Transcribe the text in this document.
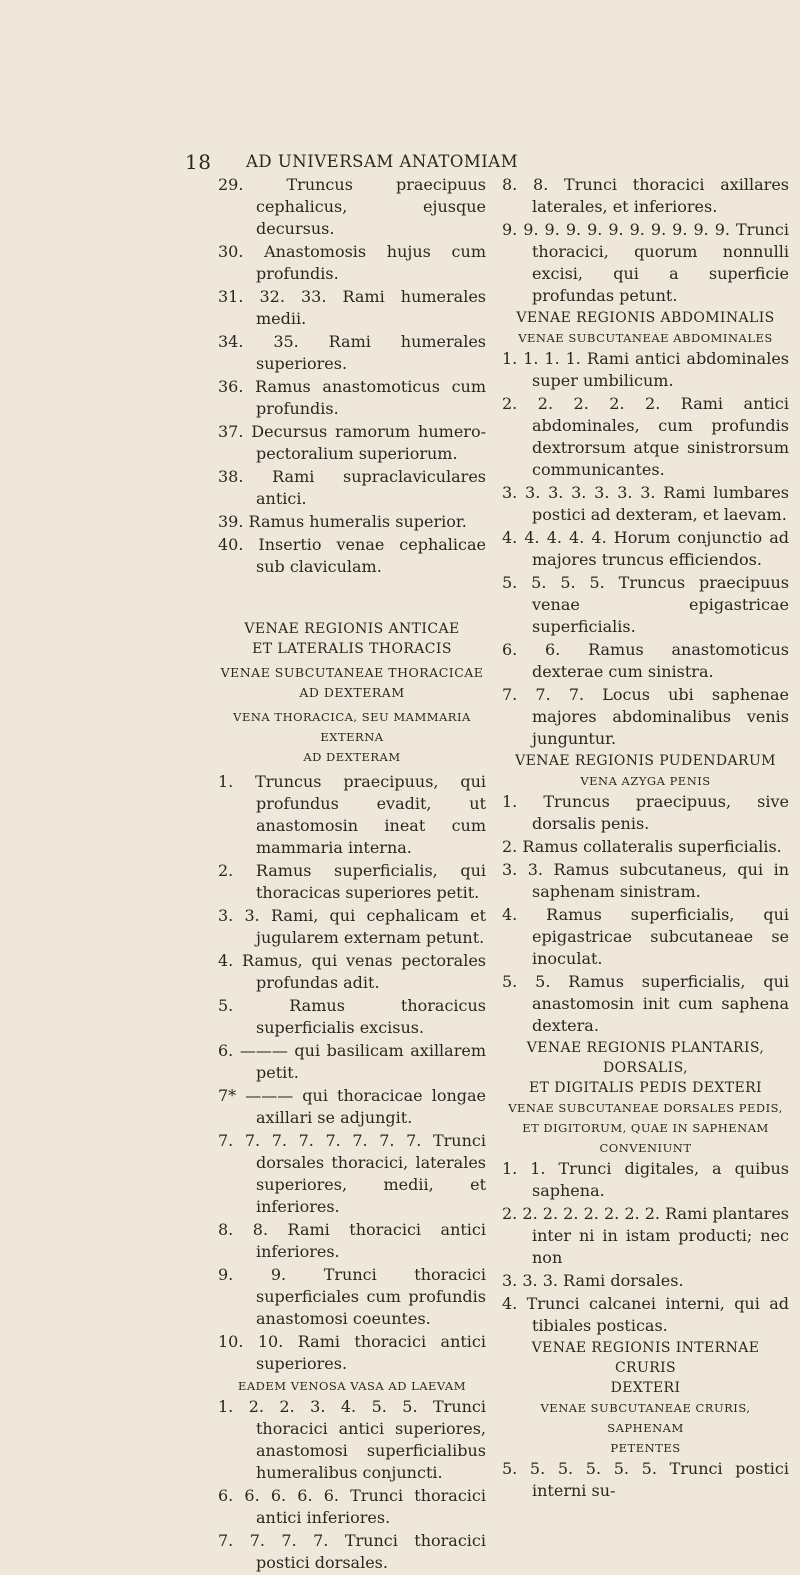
18 AD UNIVERSAM ANATOMIAM

29. Truncus praecipuus cephalicus, ejusque decursus.

30. Anastomosis hujus cum profundis.

31. 32. 33. Rami humerales medii.

34. 35. Rami humerales superiores.

36. Ramus anastomoticus cum profundis.

37. Decursus ramorum humero-pectoralium superiorum.

38. Rami supraclaviculares antici.

39. Ramus humeralis superior.

40. Insertio venae cephalicae sub claviculam.

VENAE REGIONIS ANTICAE

ET LATERALIS THORACIS

VENAE SUBCUTANEAE THORACICAE

AD DEXTERAM

VENA THORACICA, SEU MAMMARIA EXTERNA

AD DEXTERAM

1. Truncus praecipuus, qui profundus evadit, ut anastomosin ineat cum mammaria interna.

2. Ramus superficialis, qui thoracicas superiores petit.

3. 3. Rami, qui cephalicam et jugularem externam petunt.

4. Ramus, qui venas pectorales profundas adit.

5. Ramus thoracicus superficialis excisus.

6. ——— qui basilicam axillarem petit.

7* ——— qui thoracicae longae axillari se adjungit.

7. 7. 7. 7. 7. 7. 7. 7. Trunci dorsales thoracici, laterales superiores, medii, et inferiores.

8. 8. Rami thoracici antici inferiores.

9. 9. Trunci thoracici superficiales cum profundis anastomosi coeuntes.

10. 10. Rami thoracici antici superiores.

EADEM VENOSA VASA AD LAEVAM

1. 2. 2. 3. 4. 5. 5. Trunci thoracici antici superiores, anastomosi superficialibus humeralibus conjuncti.

6. 6. 6. 6. 6. Trunci thoracici antici inferiores.

7. 7. 7. 7. Trunci thoracici postici dorsales.

8. 8. Trunci thoracici axillares laterales, et inferiores.

9. 9. 9. 9. 9. 9. 9. 9. 9. 9. 9. Trunci thoracici, quorum nonnulli excisi, qui a superficie profundas petunt.

VENAE REGIONIS ABDOMINALIS

VENAE SUBCUTANEAE ABDOMINALES

1. 1. 1. 1. Rami antici abdominales super umbilicum.

2. 2. 2. 2. 2. Rami antici abdominales, cum profundis dextrorsum atque sinistrorsum communicantes.

3. 3. 3. 3. 3. 3. 3. Rami lumbares postici ad dexteram, et laevam.

4. 4. 4. 4. 4. Horum conjunctio ad majores truncus efficiendos.

5. 5. 5. 5. Truncus praecipuus venae epigastricae superficialis.

6. 6. Ramus anastomoticus dexterae cum sinistra.

7. 7. 7. Locus ubi saphenae majores abdominalibus venis junguntur.

VENAE REGIONIS PUDENDARUM

VENA AZYGA PENIS

1. Truncus praecipuus, sive dorsalis penis.

2. Ramus collateralis superficialis.

3. 3. Ramus subcutaneus, qui in saphenam sinistram.

4. Ramus superficialis, qui epigastricae subcutaneae se inoculat.

5. 5. Ramus superficialis, qui anastomosin init cum saphena dextera.

VENAE REGIONIS PLANTARIS, DORSALIS,

ET DIGITALIS PEDIS DEXTERI

VENAE SUBCUTANEAE DORSALES PEDIS, ET DIGITORUM, QUAE IN SAPHENAM CONVENIUNT

1. 1. Trunci digitales, a quibus saphena.

2. 2. 2. 2. 2. 2. 2. 2. Rami plantares inter ni in istam producti; nec non

3. 3. 3. Rami dorsales.

4. Trunci calcanei interni, qui ad tibiales posticas.

VENAE REGIONIS INTERNAE CRURIS

DEXTERI

VENAE SUBCUTANEAE CRURIS, SAPHENAM

PETENTES

5. 5. 5. 5. 5. 5. Trunci postici interni su-
